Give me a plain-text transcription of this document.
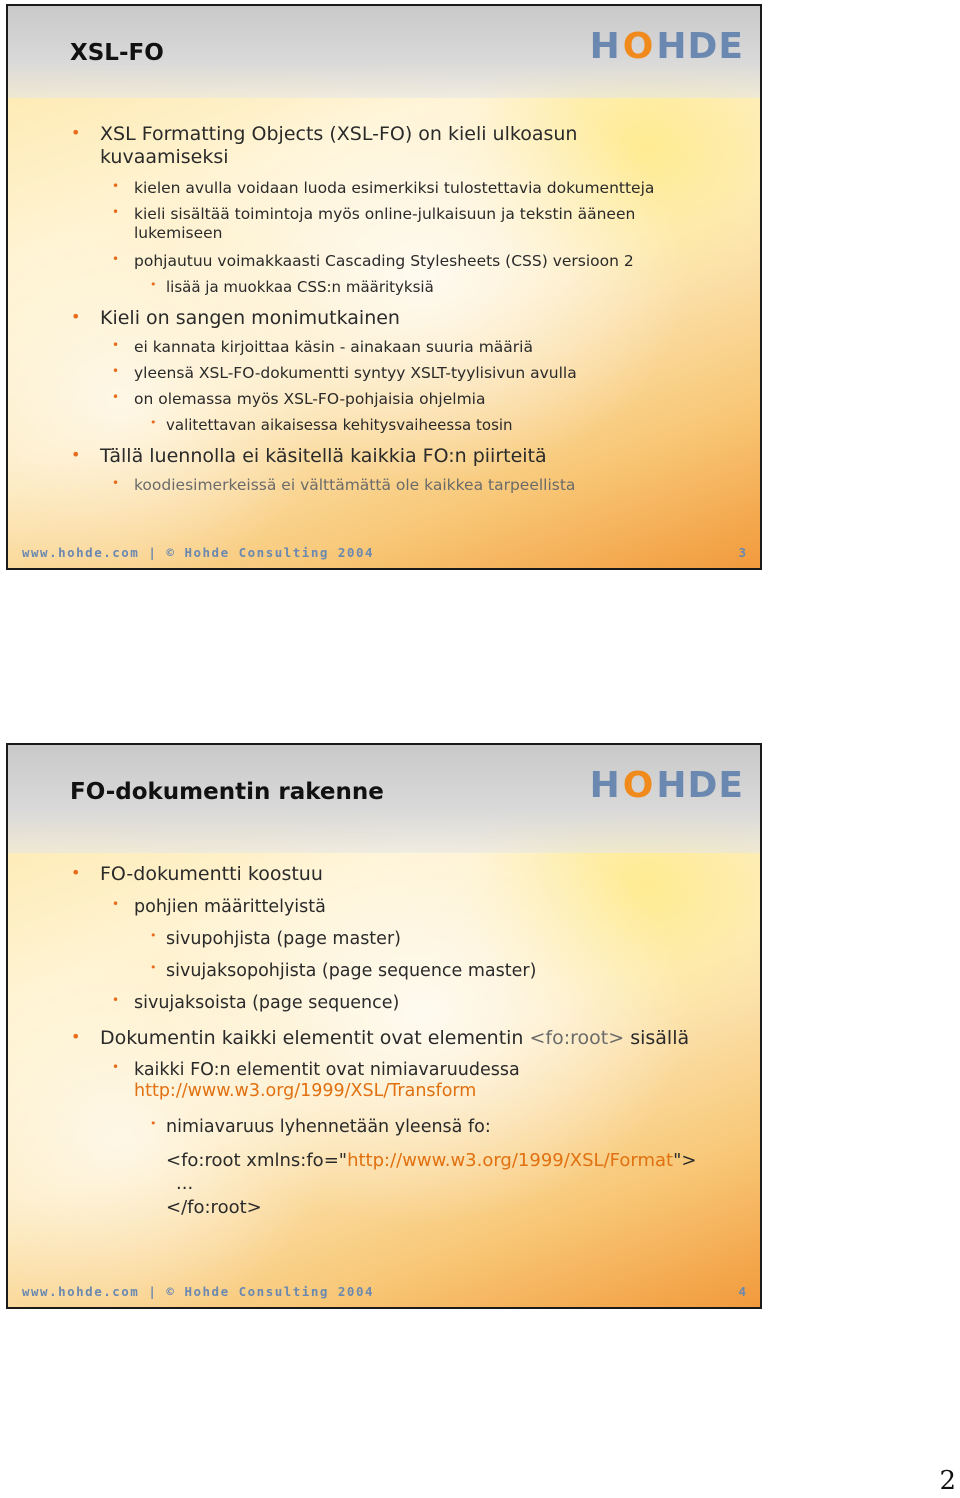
XSL-FO	H O HDE
• XSL Formatting Objects (XSL-FO) on kieli ulkoasun kuvaamiseksi
• kielen avulla voidaan luoda esimerkiksi tulostettavia dokumentteja
• kieli sisältää toimintoja myös online-julkaisuun ja tekstin ääneen lukemiseen
• pohjautuu voimakkaasti Cascading Stylesheets (CSS) versioon 2
• lisää ja muokkaa CSS:n määrityksiä
• Kieli on sangen monimutkainen
• ei kannata kirjoittaa käsin - ainakaan suuria määriä
• yleensä XSL-FO-dokumentti syntyy XSLT-tyylisivun avulla
• on olemassa myös XSL-FO-pohjaisia ohjelmia
• valitettavan aikaisessa kehitysvaiheessa tosin
• Tällä luennolla ei käsitellä kaikkia FO:n piirteitä
• koodiesimerkeissä ei välttämättä ole kaikkea tarpeellista
www.hohde.com | © Hohde Consulting 2004	3
FO-dokumentin rakenne	H O HDE
• FO-dokumentti koostuu
• pohjien määrittelyistä
• sivupohjista (page master)
• sivujaksopohjista (page sequence master)
• sivujaksoista (page sequence)
• Dokumentin kaikki elementit ovat elementin <fo:root> sisällä
• kaikki FO:n elementit ovat nimiavaruudessa
http://www.w3.org/1999/XSL/Transform
• nimiavaruus lyhennetään yleensä fo:
<fo:root xmlns:fo="http://www.w3.org/1999/XSL/Format">
...
</fo:root>
www.hohde.com | © Hohde Consulting 2004	4
2
